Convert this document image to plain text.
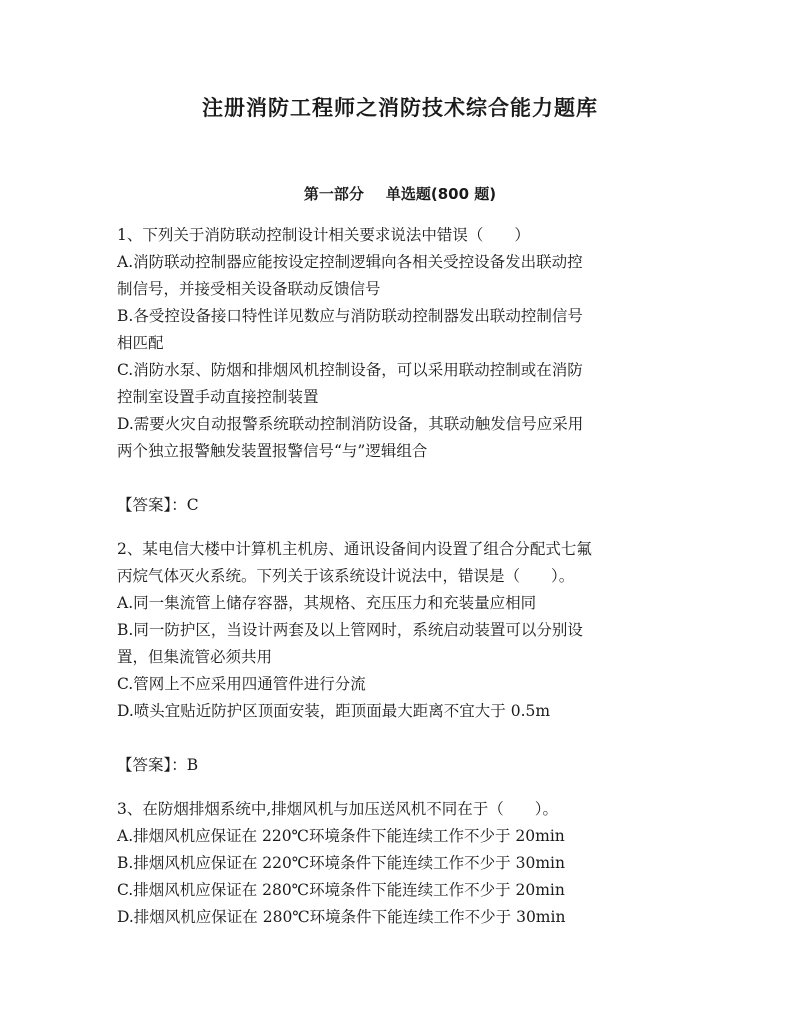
注册消防工程师之消防技术综合能力题库
第一部分 单选题(800 题)
1、下列关于消防联动控制设计相关要求说法中错误（　　）
A.消防联动控制器应能按设定控制逻辑向各相关受控设备发出联动控
制信号，并接受相关设备联动反馈信号
B.各受控设备接口特性详见数应与消防联动控制器发出联动控制信号
相匹配
C.消防水泵、防烟和排烟风机控制设备，可以采用联动控制或在消防
控制室设置手动直接控制装置
D.需要火灾自动报警系统联动控制消防设备，其联动触发信号应采用
两个独立报警触发装置报警信号“与”逻辑组合
【答案】：C
2、某电信大楼中计算机主机房、通讯设备间内设置了组合分配式七氟
丙烷气体灭火系统。下列关于该系统设计说法中，错误是（　　）。
A.同一集流管上储存容器，其规格、充压压力和充装量应相同
B.同一防护区，当设计两套及以上管网时，系统启动装置可以分别设
置，但集流管必须共用
C.管网上不应采用四通管件进行分流
D.喷头宜贴近防护区顶面安装，距顶面最大距离不宜大于 0.5m
【答案】：B
3、在防烟排烟系统中,排烟风机与加压送风机不同在于（　　）。
A.排烟风机应保证在 220℃环境条件下能连续工作不少于 20min
B.排烟风机应保证在 220℃环境条件下能连续工作不少于 30min
C.排烟风机应保证在 280℃环境条件下能连续工作不少于 20min
D.排烟风机应保证在 280℃环境条件下能连续工作不少于 30min
